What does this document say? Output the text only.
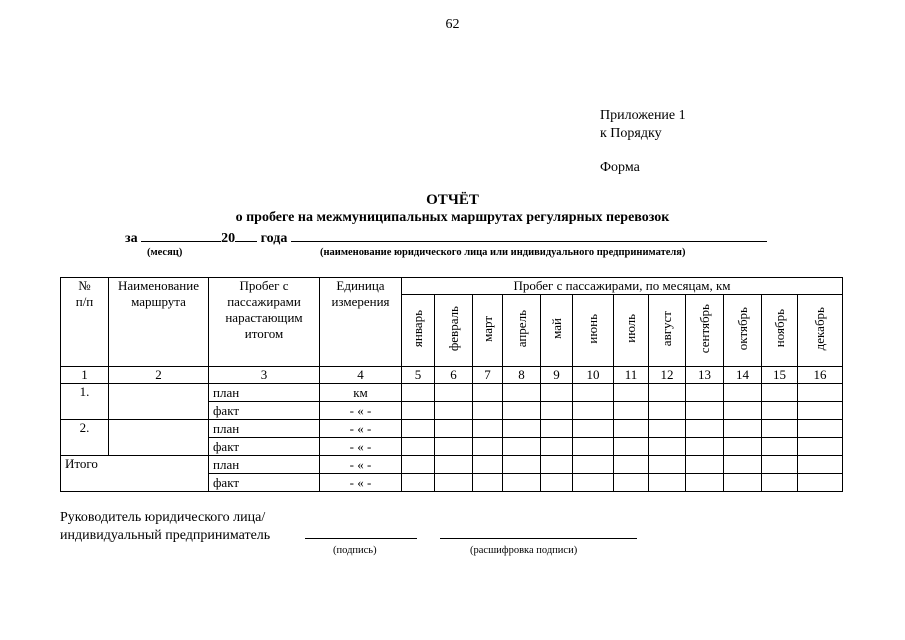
62
Приложение 1
к Порядку
Форма
ОТЧЁТ
о пробеге на межмуниципальных маршрутах регулярных перевозок
за	20 года
(месяц)	(наименование юридического лица или индивидуального предпринимателя)
№
п/п	Наименование маршрута	Пробег с пассажирами нарастающим итогом	Единица измерения	Пробег с пассажирами, по месяцам, км											
				январь	февраль	март	апрель	май	июнь	июль	август	сентябрь	октябрь	ноябрь	декабрь
1	2	3	4	5	6	7	8	9	10	11	12	13	14	15	16
1.		план	км												
		факт	- « -												
2.		план	- « -												
		факт	- « -												
Итого		план	- « -												
		факт	- « -												
Руководитель юридического лица/
индивидуальный предприниматель
(подпись)	(расшифровка подписи)
